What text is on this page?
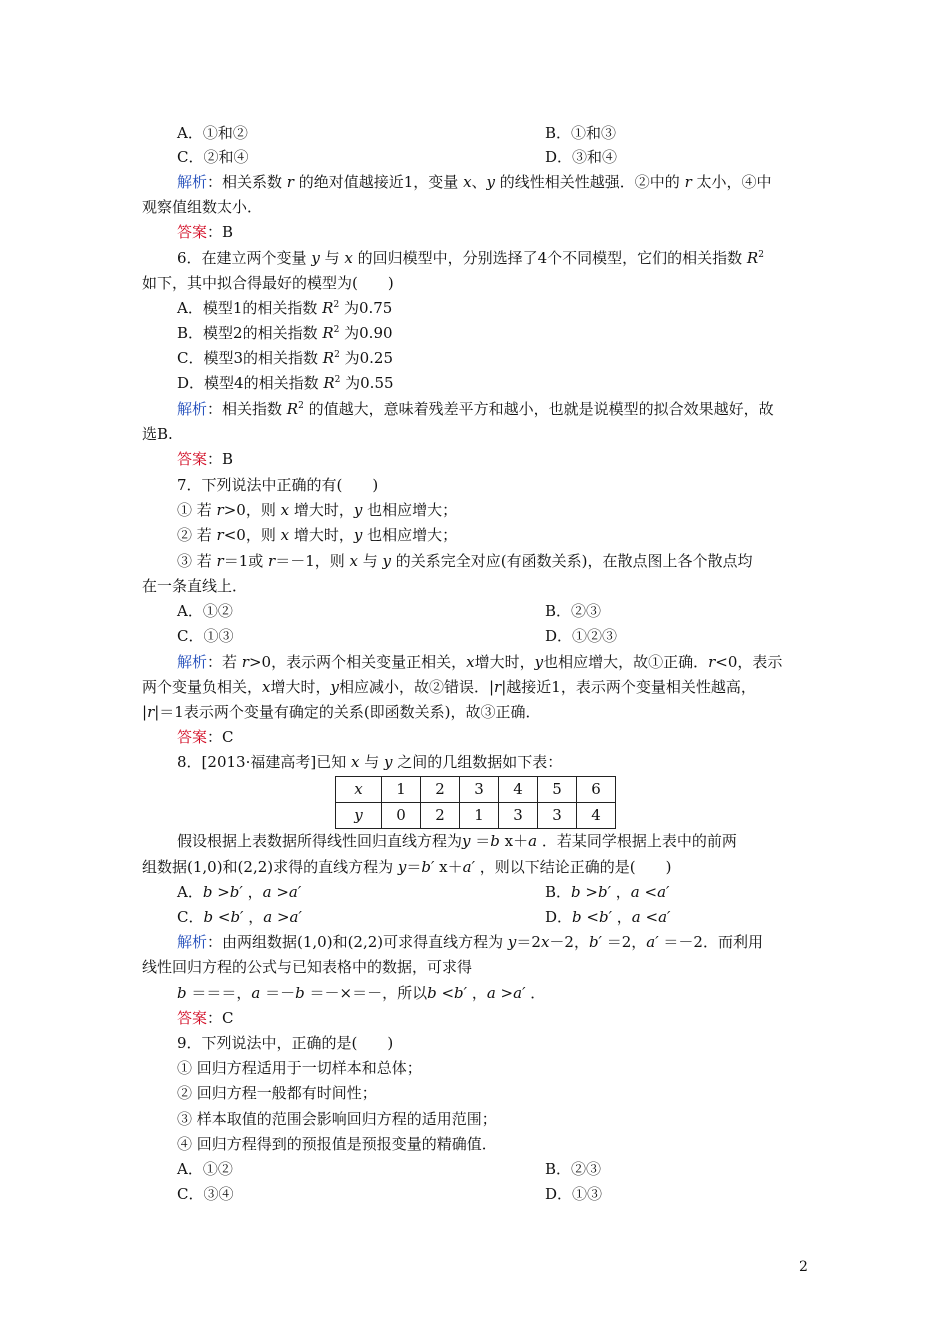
A．①和②	B．①和③
C．②和④	D．③和④
解析：相关系数 r 的绝对值越接近1，变量 x、y 的线性相关性越强．②中的 r 太小，④中
观察值组数太小．
答案：B
6．在建立两个变量 y 与 x 的回归模型中，分别选择了4个不同模型，它们的相关指数 $R^2$
如下，其中拟合得最好的模型为(　　)
A．模型1的相关指数 $R^2$ 为0.75
B．模型2的相关指数 $R^2$ 为0.90
C．模型3的相关指数 $R^2$ 为0.25
D．模型4的相关指数 $R^2$ 为0.55
解析：相关指数 $R^2$ 的值越大，意味着残差平方和越小，也就是说模型的拟合效果越好，故
选B.
答案：B
7．下列说法中正确的有(　　)
① 若 r>0，则 x 增大时，y 也相应增大；
② 若 r<0，则 x 增大时，y 也相应增大；
③ 若 r＝1或 r＝－1，则 x 与 y 的关系完全对应(有函数关系)，在散点图上各个散点均
在一条直线上．
A．①②	B．②③
C．①③	D．①②③
解析：若 r>0，表示两个相关变量正相关，x增大时，y也相应增大，故①正确．r<0，表示
两个变量负相关，x增大时，y相应减小，故②错误．|r|越接近1，表示两个变量相关性越高，
|r|＝1表示两个变量有确定的关系(即函数关系)，故③正确．
答案：C
8．[2013·福建高考]已知 x 与 y 之间的几组数据如下表：
x	1	2	3	4	5	6
y	0	2	1	3	3	4
假设根据上表数据所得线性回归直线方程为y ＝b x＋a ．若某同学根据上表中的前两
组数据(1,0)和(2,2)求得的直线方程为 y＝b′ x＋a′ ，则以下结论正确的是(　　)
A．b >b′ ，a >a′	B．b >b′ ，a <a′
C．b <b′ ，a >a′	D．b <b′ ，a <a′
解析：由两组数据(1,0)和(2,2)可求得直线方程为 y＝2x－2，b′ ＝2，a′ ＝－2．而利用
线性回归方程的公式与已知表格中的数据，可求得
b ＝＝＝，a ＝－b ＝－×＝－，所以b <b′ ，a >a′ ．
答案：C
9．下列说法中，正确的是(　　)
① 回归方程适用于一切样本和总体；
② 回归方程一般都有时间性；
③ 样本取值的范围会影响回归方程的适用范围；
④ 回归方程得到的预报值是预报变量的精确值．
A．①②	B．②③
C．③④	D．①③
2
